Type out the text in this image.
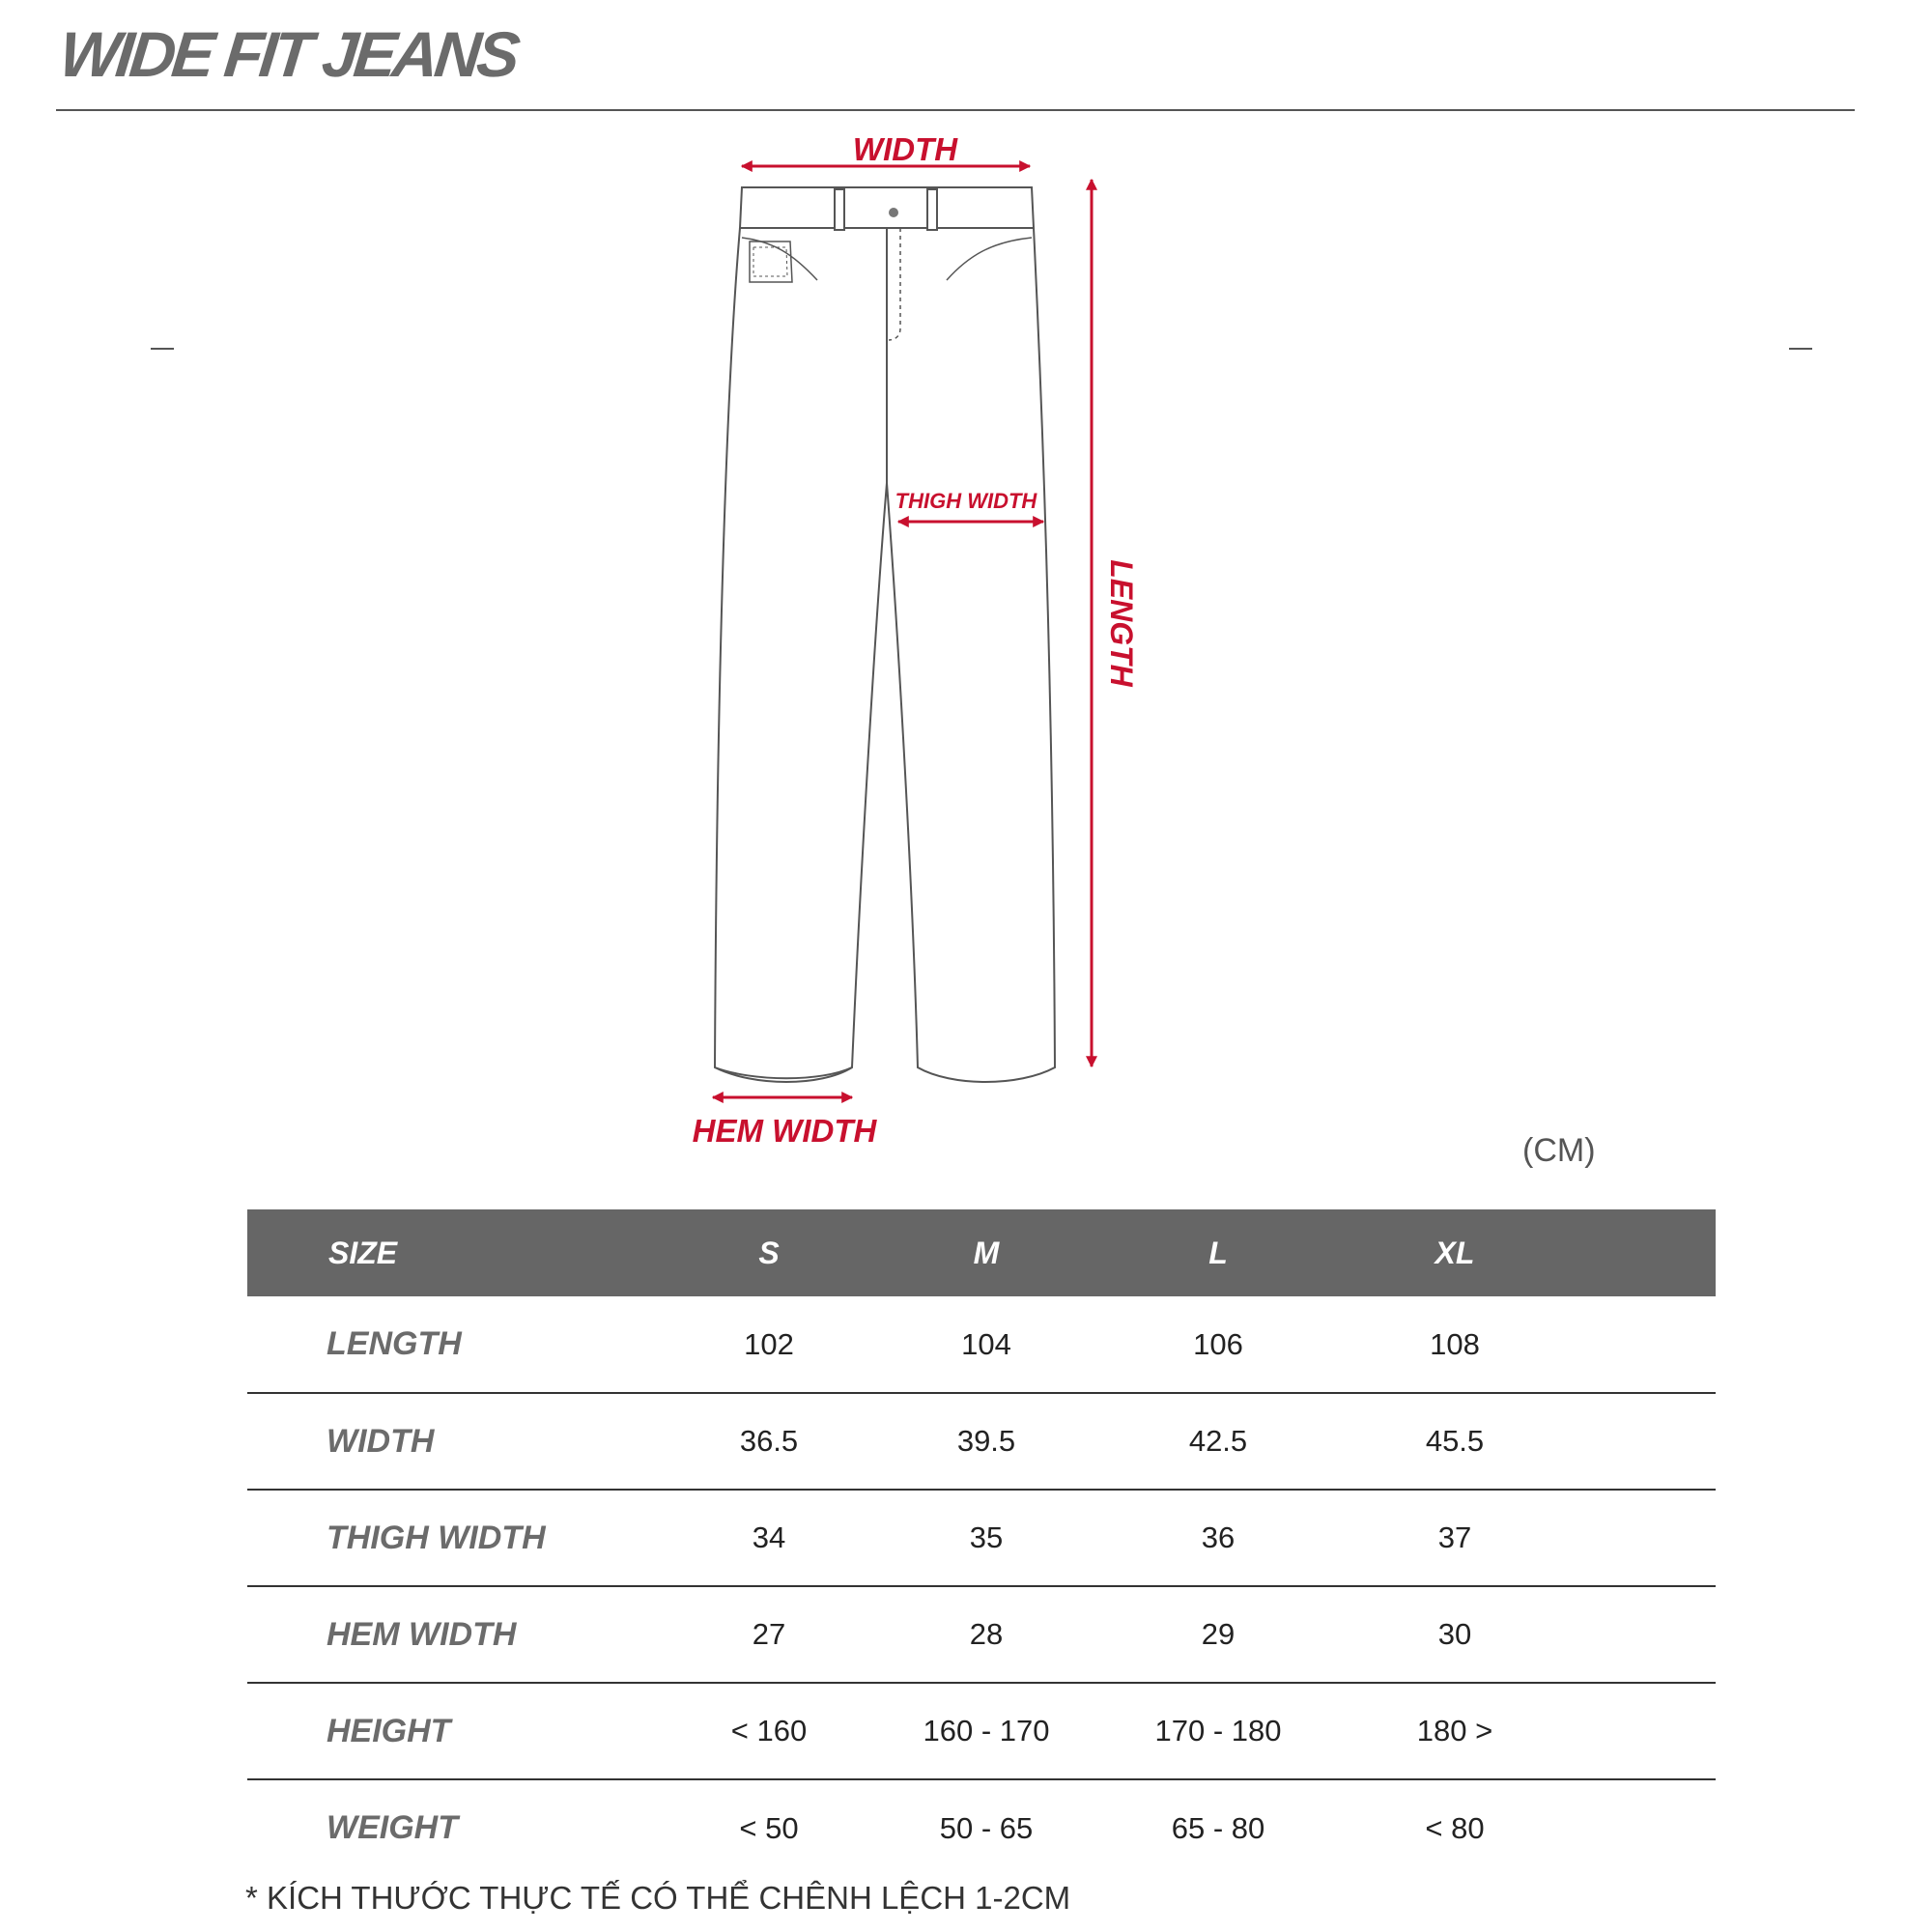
WIDE FIT JEANS
WIDTH
THIGH WIDTH
LENGTH
HEM WIDTH
(CM)
SIZE	S	M	L	XL	
LENGTH	102	104	106	108	
WIDTH	36.5	39.5	42.5	45.5	
THIGH WIDTH	34	35	36	37	
HEM WIDTH	27	28	29	30	
HEIGHT	< 160	160 - 170	170 - 180	180 >	
WEIGHT	< 50	50 - 65	65 - 80	< 80	
* KÍCH THƯỚC THỰC TẾ CÓ THỂ CHÊNH LỆCH 1-2CM
